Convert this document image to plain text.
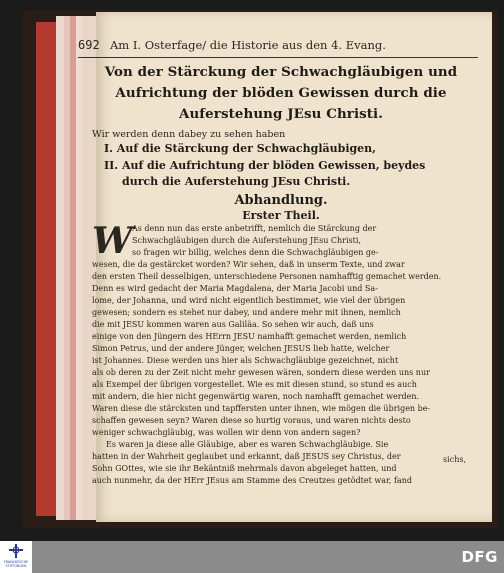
692 Am I. Osterfage/ die Historie aus den 4. Evang.
Von der Stärckung der Schwachgläubigen und
Aufrichtung der blöden Gewissen durch die
Auferstehung JEsu Christi.
Wir werden denn dabey zu sehen haben
I. Auf die Stärckung der Schwachgläubigen,
II. Auf die Aufrichtung der blöden Gewissen, beydes
durch die Auferstehung JEsu Christi.
Abhandlung.
Erster Theil.
W As denn nun das erste anbetrifft, nemlich die Stärckung der
Schwachgläubigen durch die Auferstehung JEsu Christi,
so fragen wir billig, welches denn die Schwachgläubigen ge-
wesen, die da gestärcket worden? Wir sehen, daß in unserm Texte, und zwar
den ersten Theil desselbigen, unterschiedene Personen namhafftig gemachet werden.
Denn es wird gedacht der Maria Magdalena, der Maria Jacobi und Sa-
lome, der Johanna, und wird nicht eigentlich bestimmet, wie viel der übrigen
gewesen; sondern es stehet nur dabey, und andere mehr mit ihnen, nemlich
die mit JESU kommen waren aus Galiläa. So sehen wir auch, daß uns
einige von den Jüngern des HErrn JESU namhafft gemachet werden, nemlich
Simon Petrus, und der andere Jünger, welchen JESUS lieb hatte, welcher
ist Johannes. Diese werden uns hier als Schwachgläubige gezeichnet, nicht
als ob deren zu der Zeit nicht mehr gewesen wären, sondern diese werden uns nur
als Exempel der übrigen vorgestellet. Wie es mit diesen stund, so stund es auch
mit andern, die hier nicht gegenwärtig waren, noch namhafft gemachet werden.
Waren diese die stärcksten und tapffersten unter ihnen, wie mögen die übrigen be-
schaffen gewesen seyn? Waren diese so hurtig voraus, und waren nichts desto
weniger schwachgläubig, was wollen wir denn von andern sagen?
Es waren ja diese alle Gläubige, aber es waren Schwachgläubige. Sie
hatten in der Wahrheit geglaubet und erkannt, daß JESUS sey Christus, der
Sohn GOttes, wie sie ihr Bekäntniß mehrmals davon abgeleget hatten, und
auch nunmehr, da der HErr JEsus am Stamme des Creutzes getödtet war, fand
sichs,
FRANCKESCHE STIFTUNGEN	DFG
